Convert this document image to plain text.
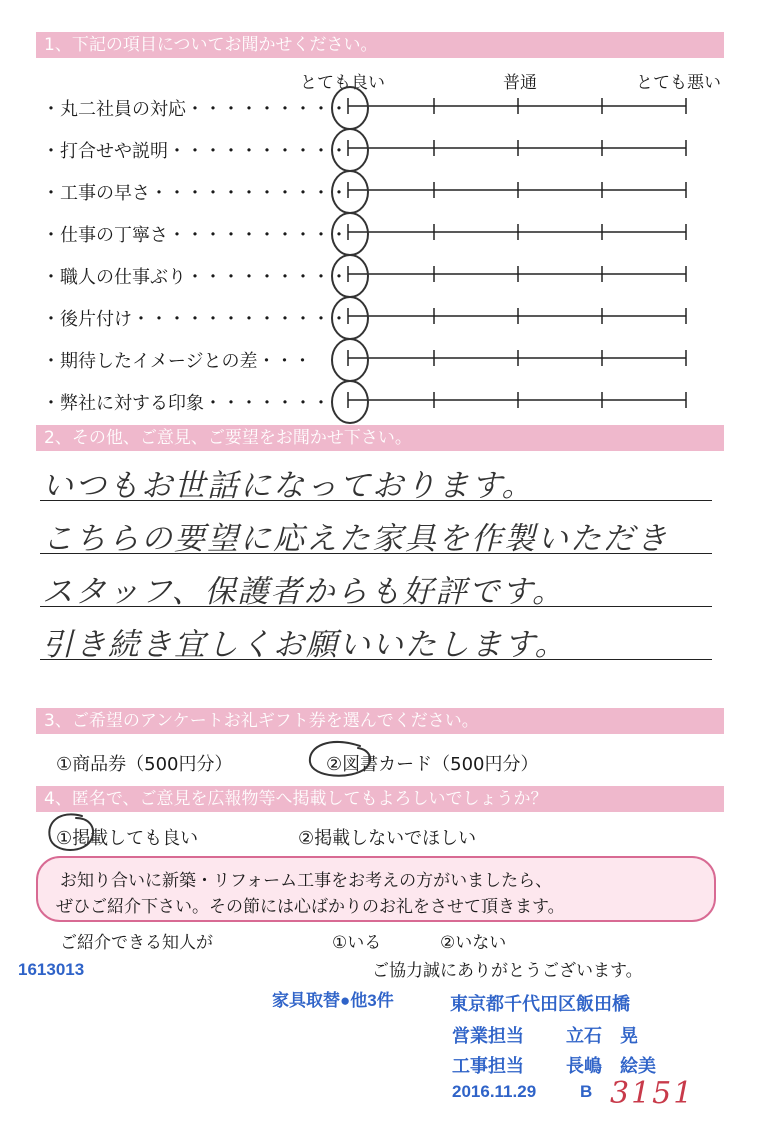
1、下記の項目についてお聞かせください。
とても良い	普通	とても悪い
・丸二社員の対応・・・・・・・・・
・打合せや説明・・・・・・・・・・
・工事の早さ・・・・・・・・・・・
・仕事の丁寧さ・・・・・・・・・・
・職人の仕事ぶり・・・・・・・・・
・後片付け・・・・・・・・・・・・
・期待したイメージとの差・・・
・弊社に対する印象・・・・・・・
2、その他、ご意見、ご要望をお聞かせ下さい。
いつもお世話になっております。
こちらの要望に応えた家具を作製いただき
スタッフ、保護者からも好評です。
引き続き宜しくお願いいたします。
3、ご希望のアンケートお礼ギフト券を選んでください。
①商品券（500円分）	②図書カード（500円分）
4、匿名で、ご意見を広報物等へ掲載してもよろしいでしょうか？
①掲載しても良い	②掲載しないでほしい
お知り合いに新築・リフォーム工事をお考えの方がいましたら、
ぜひご紹介下さい。その節には心ばかりのお礼をさせて頂きます。
ご紹介できる知人が	①いる	②いない
1613013	ご協力誠にありがとうございます。
家具取替●他3件	東京都千代田区飯田橋
営業担当 立石　晃
工事担当 長嶋　絵美
2016.11.29	B 3151
